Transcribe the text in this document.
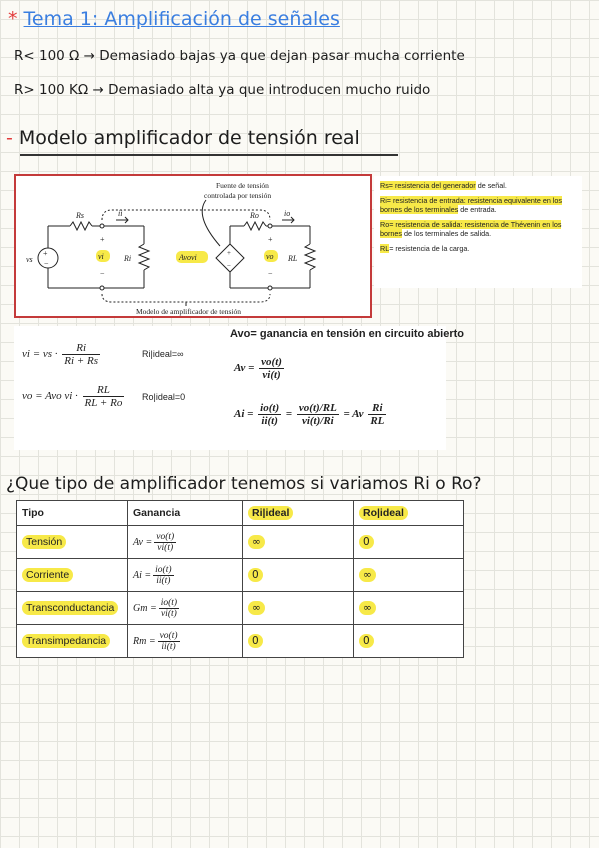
* Tema 1: Amplificación de señales
R< 100 Ω → Demasiado bajas ya que dejan pasar mucha corriente
R> 100 KΩ → Demasiado alta ya que introducen mucho ruido
- Modelo amplificador de tensión real
Fuente de tensión
controlada por tensión
Modelo de amplificador de tensión
vs
+
−
Rs	ii
+
vi
−
Ri	Avovi	+
−
Ro	io
+
vo
−
RL

Rs= resistencia del generador de señal.

Ri= resistencia de entrada: resistencia equivalente en los bornes de los terminales de entrada.

Ro= resistencia de salida: resistencia de Thévenin en los bornes de los terminales de salida.

RL= resistencia de la carga.

Avo= ganancia en tensión en circuito abierto
vi = vs · $\frac{Ri}{Ri + Rs}$	Ri|ideal=∞
vo = Avo vi · $\frac{RL}{RL + Ro}$ Ro|ideal=0
$Av = \frac{vo(t)}{vi(t)}$
$Ai = \frac{io(t)}{ii(t)} = \frac{vo(t)/RL}{vi(t)/Ri} = Av \frac{Ri}{RL}$
¿Que tipo de amplificador tenemos si variamos Ri o Ro?
Tipo	Ganancia	Ri|ideal	Ro|ideal
Tensión	$Av = \frac{vo(t)}{vi(t)}$	∞	0
Corriente	$Ai = \frac{io(t)}{ii(t)}$	0	∞
Transconductancia	$Gm = \frac{io(t)}{vi(t)}$	∞	∞
Transimpedancia	$Rm = \frac{vo(t)}{ii(t)}$	0	0
